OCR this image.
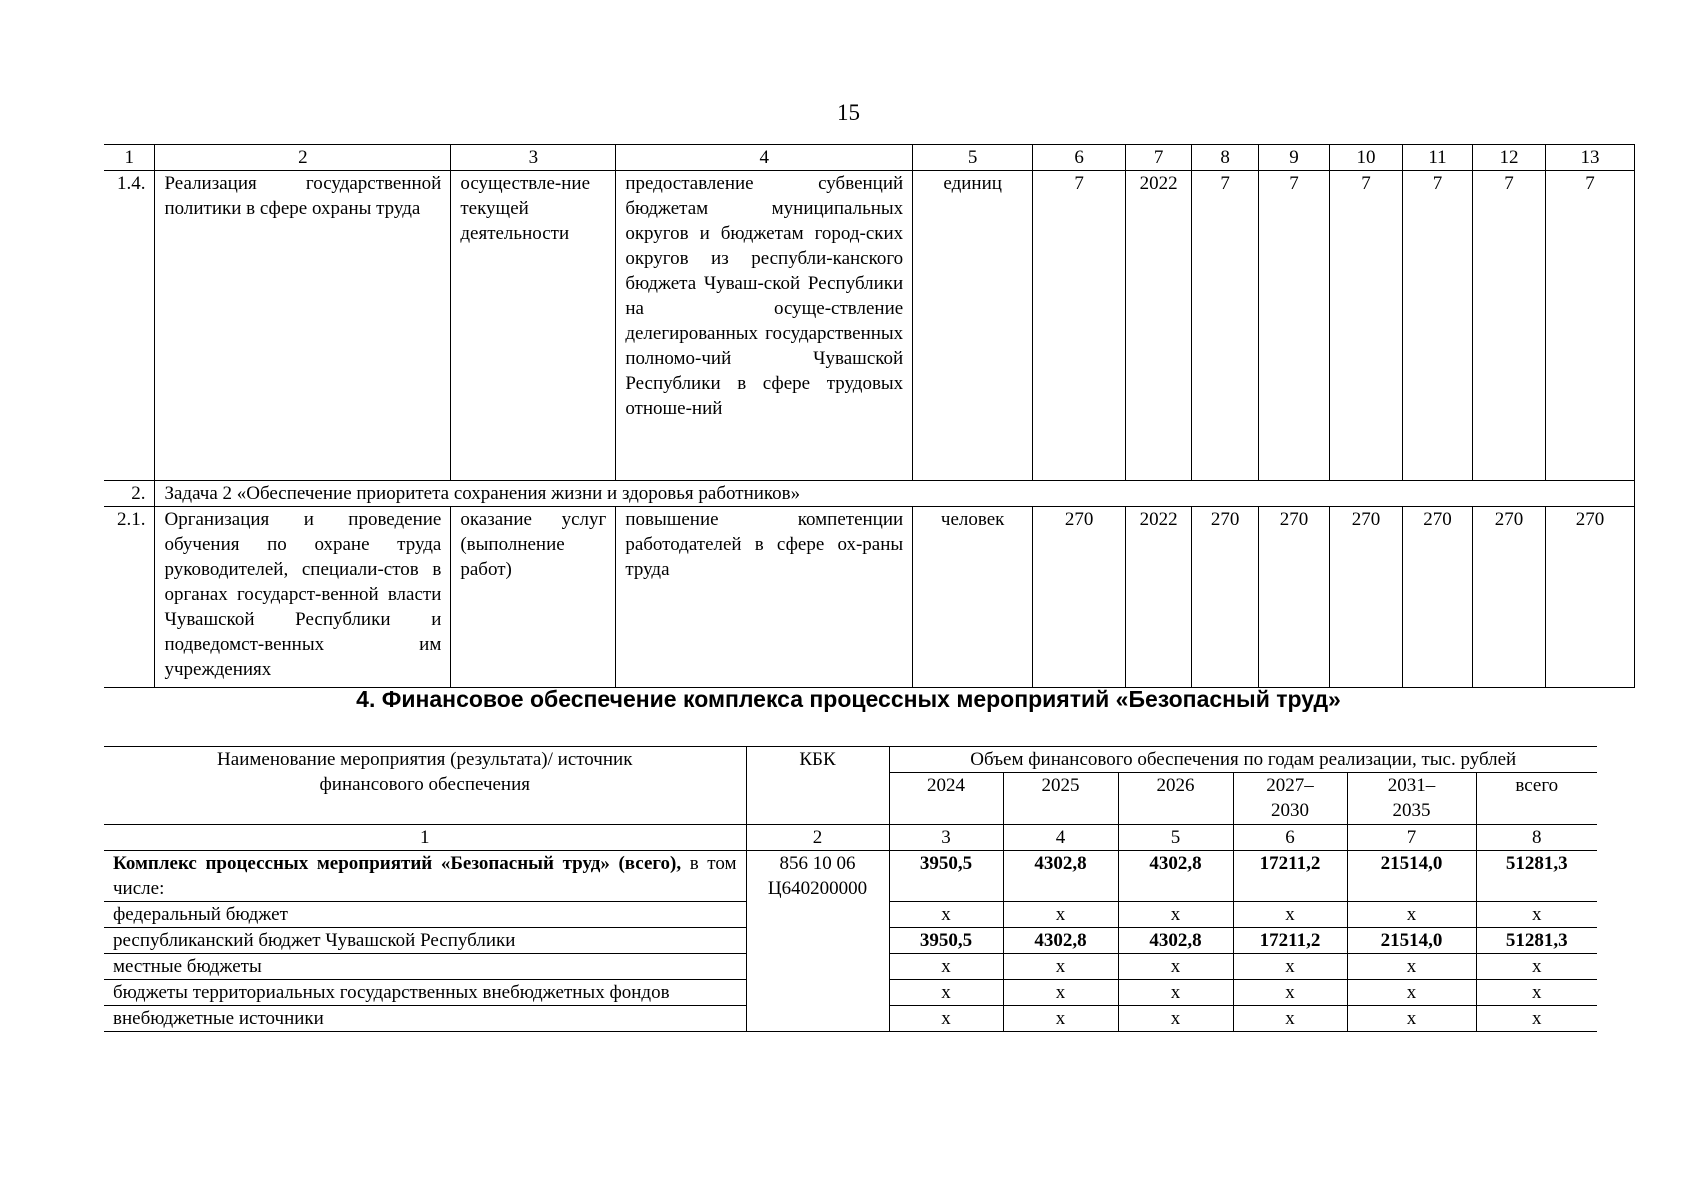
15
1	2	3	4	5	6	7	8	9	10	11	12	13
1.4.	Реализация государственной политики в сфере охраны труда	осуществле-ние текущей деятельности	предоставление субвенций бюджетам муниципальных округов и бюджетам город-ских округов из республи-канского бюджета Чуваш-ской Республики на осуще-ствление делегированных государственных полномо-чий Чувашской Республики в сфере трудовых отноше-ний	единиц	7	2022	7	7	7	7	7	7
2.	Задача 2 «Обеспечение приоритета сохранения жизни и здоровья работников»											
2.1.	Организация и проведение обучения по охране труда руководителей, специали-стов в органах государст-венной власти Чувашской Республики и подведомст-венных им учреждениях	оказание услуг (выполнение работ)	повышение компетенции работодателей в сфере ох-раны труда	человек	270	2022	270	270	270	270	270	270
4. Финансовое обеспечение комплекса процессных мероприятий «Безопасный труд»
Наименование мероприятия (результата)/ источник финансового обеспечения	КБК	Объем финансового обеспечения по годам реализации, тыс. рублей					
		2024	2025	2026	2027– 2030	2031– 2035	всего
1	2	3	4	5	6	7	8
Комплекс процессных мероприятий «Безопасный труд» (всего), в том числе:	856 10 06 Ц640200000	3950,5	4302,8	4302,8	17211,2	21514,0	51281,3
федеральный бюджет		x	x	x	x	x	x
республиканский бюджет Чувашской Республики		3950,5	4302,8	4302,8	17211,2	21514,0	51281,3
местные бюджеты		x	x	x	x	x	x
бюджеты территориальных государственных внебюджетных фондов		x	x	x	x	x	x
внебюджетные источники		x	x	x	x	x	x
